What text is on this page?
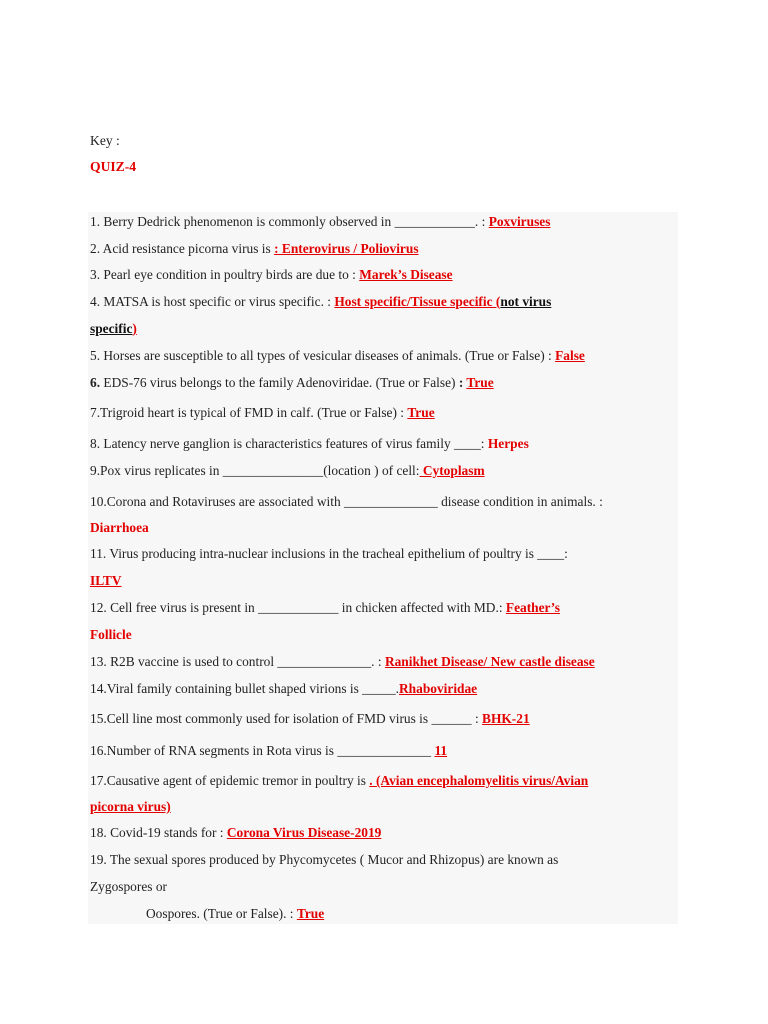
Key :
QUIZ-4
1. Berry Dedrick phenomenon is commonly observed in ____________. : Poxviruses
2. Acid resistance picorna virus is : Enterovirus / Poliovirus
3. Pearl eye condition in poultry birds are due to : Marek’s Disease
4. MATSA is host specific or virus specific. : Host specific/Tissue specific (not virus
specific)
5. Horses are susceptible to all types of vesicular diseases of animals. (True or False) : False
6. EDS-76 virus belongs to the family Adenoviridae. (True or False) : True
7.Trigroid heart is typical of FMD in calf. (True or False) : True
8. Latency nerve ganglion is characteristics features of virus family ____: Herpes
9.Pox virus replicates in _______________(location ) of cell: Cytoplasm
10.Corona and Rotaviruses are associated with ______________ disease condition in animals. :
Diarrhoea
11. Virus producing intra-nuclear inclusions in the tracheal epithelium of poultry is ____:
ILTV
12. Cell free virus is present in ____________ in chicken affected with MD.: Feather’s
Follicle
13. R2B vaccine is used to control ______________. : Ranikhet Disease/ New castle disease
14.Viral family containing bullet shaped virions is _____.Rhaboviridae
15.Cell line most commonly used for isolation of FMD virus is ______ : BHK-21
16.Number of RNA segments in Rota virus is ______________ 11
17.Causative agent of epidemic tremor in poultry is . (Avian encephalomyelitis virus/Avian
picorna virus)
18. Covid-19 stands for : Corona Virus Disease-2019
19. The sexual spores produced by Phycomycetes ( Mucor and Rhizopus) are known as
Zygospores or
Oospores. (True or False). : True
